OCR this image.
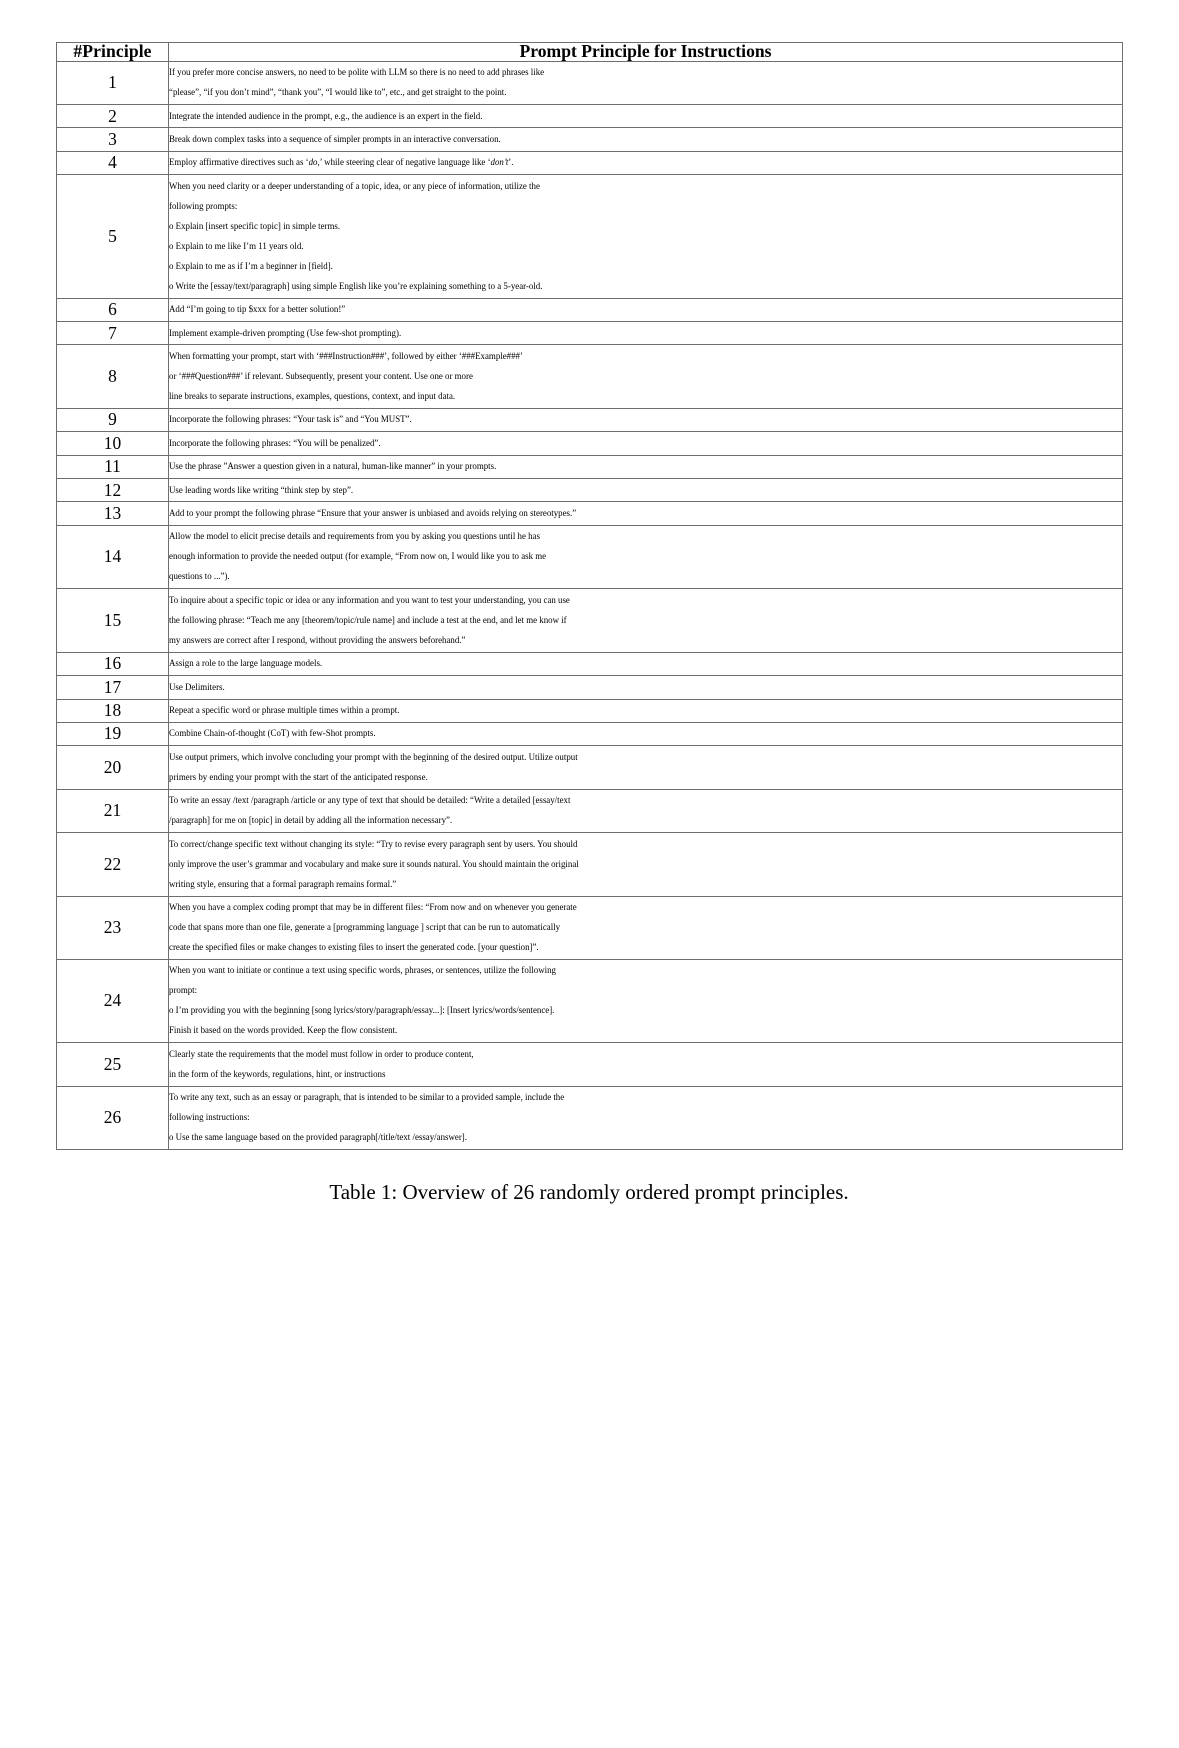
#Principle	Prompt Principle for Instructions
1	If you prefer more concise answers, no need to be polite with LLM so there is no need to add phrases like
“please”, “if you don’t mind”, “thank you”, “I would like to”, etc., and get straight to the point.

2	Integrate the intended audience in the prompt, e.g., the audience is an expert in the field.

3	Break down complex tasks into a sequence of simpler prompts in an interactive conversation.

4	Employ affirmative directives such as ‘do,’ while steering clear of negative language like ‘don’t’.

5	
When you need clarity or a deeper understanding of a topic, idea, or any piece of information, utilize the
following prompts:
o Explain [insert specific topic] in simple terms.
o Explain to me like I’m 11 years old.
o Explain to me as if I’m a beginner in [field].
o Write the [essay/text/paragraph] using simple English like you’re explaining something to a 5-year-old.

6	Add “I’m going to tip $xxx for a better solution!”

7	Implement example-driven prompting (Use few-shot prompting).

8	When formatting your prompt, start with ‘###Instruction###’, followed by either ‘###Example###’
or ‘###Question###’ if relevant. Subsequently, present your content. Use one or more
line breaks to separate instructions, examples, questions, context, and input data.

9	Incorporate the following phrases: “Your task is” and “You MUST”.

10	Incorporate the following phrases: “You will be penalized”.

11	Use the phrase ”Answer a question given in a natural, human-like manner” in your prompts.

12	Use leading words like writing “think step by step”.

13	Add to your prompt the following phrase “Ensure that your answer is unbiased and avoids relying on stereotypes.”

14	Allow the model to elicit precise details and requirements from you by asking you questions until he has
enough information to provide the needed output (for example, “From now on, I would like you to ask me
questions to ...”).

15	To inquire about a specific topic or idea or any information and you want to test your understanding, you can use
the following phrase: “Teach me any [theorem/topic/rule name] and include a test at the end, and let me know if
my answers are correct after I respond, without providing the answers beforehand.”

16	Assign a role to the large language models.

17	Use Delimiters.

18	Repeat a specific word or phrase multiple times within a prompt.

19	Combine Chain-of-thought (CoT) with few-Shot prompts.

20	Use output primers, which involve concluding your prompt with the beginning of the desired output. Utilize output
primers by ending your prompt with the start of the anticipated response.

21	To write an essay /text /paragraph /article or any type of text that should be detailed: “Write a detailed [essay/text
/paragraph] for me on [topic] in detail by adding all the information necessary”.

22	To correct/change specific text without changing its style: “Try to revise every paragraph sent by users. You should
only improve the user’s grammar and vocabulary and make sure it sounds natural. You should maintain the original
writing style, ensuring that a formal paragraph remains formal.”

23	When you have a complex coding prompt that may be in different files: “From now and on whenever you generate
code that spans more than one file, generate a [programming language ] script that can be run to automatically
create the specified files or make changes to existing files to insert the generated code. [your question]”.

24	When you want to initiate or continue a text using specific words, phrases, or sentences, utilize the following
prompt:
o I’m providing you with the beginning [song lyrics/story/paragraph/essay...]: [Insert lyrics/words/sentence].
Finish it based on the words provided. Keep the flow consistent.

25	Clearly state the requirements that the model must follow in order to produce content,
in the form of the keywords, regulations, hint, or instructions

26	To write any text, such as an essay or paragraph, that is intended to be similar to a provided sample, include the
following instructions:
o Use the same language based on the provided paragraph[/title/text /essay/answer].
Table 1: Overview of 26 randomly ordered prompt principles.
